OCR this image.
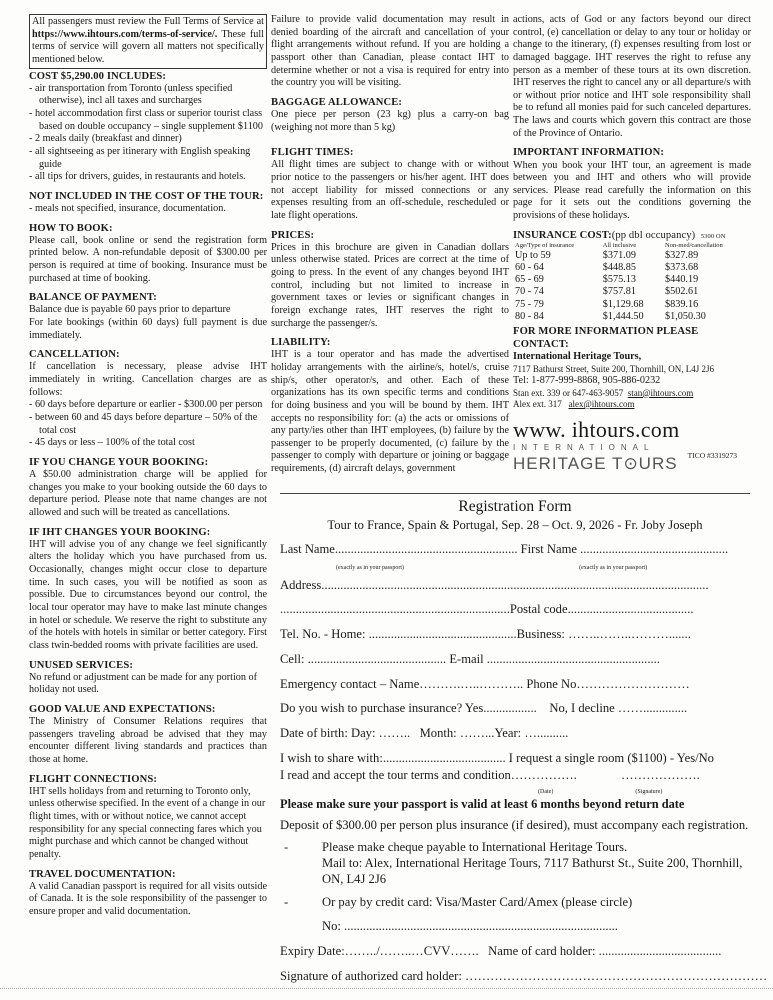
All passengers must review the Full Terms of Service at https://www.ihtours.com/terms-of-service/. These full terms of service will govern all matters not specifically mentioned below.

COST $5,290.00 INCLUDES:

- air transportation from Toronto (unless specified otherwise), incl all taxes and surcharges
- hotel accommodation first class or superior tourist class based on double occupancy – single supplement $1100
- 2 meals daily (breakfast and dinner)
- all sightseeing as per itinerary with English speaking guide
- all tips for drivers, guides, in restaurants and hotels.

NOT INCLUDED IN THE COST OF THE TOUR:

- meals not specified, insurance, documentation.

HOW TO BOOK:

Please call, book online or send the registration form printed below. A non-refundable deposit of $300.00 per person is required at time of booking. Insurance must be purchased at time of booking.

BALANCE OF PAYMENT:

Balance due is payable 60 pays prior to departure

For late bookings (within 60 days) full payment is due immediately.

CANCELLATION:

If cancellation is necessary, please advise IHT immediately in writing. Cancellation charges are as follows:

- 60 days before departure or earlier - $300.00 per person
- between 60 and 45 days before departure – 50% of the total cost
- 45 days or less – 100% of the total cost

IF YOU CHANGE YOUR BOOKING:

A $50.00 administration charge will be applied for changes you make to your booking outside the 60 days to departure period. Please note that name changes are not allowed and such will be treated as cancellations.

IF IHT CHANGES YOUR BOOKING:

IHT will advise you of any change we feel significantly alters the holiday which you have purchased from us. Occasionally, changes might occur close to departure time. In such cases, you will be notified as soon as possible. Due to circumstances beyond our control, the local tour operator may have to make last minute changes in hotel or schedule. We reserve the right to substitute any of the hotels with hotels in similar or better category. First class twin-bedded rooms with private facilities are used.

UNUSED SERVICES:

No refund or adjustment can be made for any portion of holiday not used.

GOOD VALUE AND EXPECTATIONS:

The Ministry of Consumer Relations requires that passengers traveling abroad be advised that they may encounter different living standards and practices than those at home.

FLIGHT CONNECTIONS:

IHT sells holidays from and returning to Toronto only, unless otherwise specified. In the event of a change in our flight times, with or without notice, we cannot accept responsibility for any special connecting fares which you might purchase and which cannot be changed without penalty.

TRAVEL DOCUMENTATION:

A valid Canadian passport is required for all visits outside of Canada. It is the sole responsibility of the passenger to ensure proper and valid documentation.

Failure to provide valid documentation may result in denied boarding of the aircraft and cancellation of your flight arrangements without refund. If you are holding a passport other than Canadian, please contact IHT to determine whether or not a visa is required for entry into the country you will be visiting.

BAGGAGE ALLOWANCE:

One piece per person (23 kg) plus a carry-on bag (weighing not more than 5 kg)

FLIGHT TIMES:

All flight times are subject to change with or without prior notice to the passengers or his/her agent. IHT does not accept liability for missed connections or any expenses resulting from an off-schedule, rescheduled or late flight operations.

PRICES:

Prices in this brochure are given in Canadian dollars unless otherwise stated. Prices are correct at the time of going to press. In the event of any changes beyond IHT control, including but not limited to increase in government taxes or levies or significant changes in foreign exchange rates, IHT reserves the right to surcharge the passenger/s.

LIABILITY:

IHT is a tour operator and has made the advertised holiday arrangements with the airline/s, hotel/s, cruise ship/s, other operator/s, and other. Each of these organizations has its own specific terms and conditions for doing business and you will be bound by them. IHT accepts no responsibility for: (a) the acts or omissions of any party/ies other than IHT employees, (b) failure by the passenger to be properly documented, (c) failure by the passenger to comply with departure or joining or baggage requirements, (d) aircraft delays, government

actions, acts of God or any factors beyond our direct control, (e) cancellation or delay to any tour or holiday or change to the itinerary, (f) expenses resulting from lost or damaged baggage. IHT reserves the right to refuse any person as a member of these tours at its own discretion. IHT reserves the right to cancel any or all departure/s with or without prior notice and IHT sole responsibility shall be to refund all monies paid for such canceled departures. The laws and courts which govern this contract are those of the Province of Ontario.

IMPORTANT INFORMATION:

When you book your IHT tour, an agreement is made between you and IHT and others who will provide services. Please read carefully the information on this page for it sets out the conditions governing the provisions of these holidays.

INSURANCE COST:(pp dbl occupancy) 5300 ON

Age/Type of insurance	All inclusive	Non-med/cancellation
Up to 59	$371.09	$327.89
60 - 64	$448.85	$373.68
65 - 69	$575.13	$440.19
70 - 74	$757.81	$502.61
75 - 79	$1,129.68	$839.16
80 - 84	$1,444.50	$1,050.30

FOR MORE INFORMATION PLEASE CONTACT:

International Heritage Tours,

7117 Bathurst Street, Suite 200, Thornhill, ON, L4J 2J6

Tel: 1-877-999-8868, 905-886-0232

Stan ext. 339 or 647-463-9057 stan@ihtours.com

Alex ext. 317 alex@ihtours.com

www. ihtours.com
INTERNATIONAL
HERITAGE T⊙URS	TICO #3319273
Registration Form
Tour to France, Spain & Portugal, Sep. 28 – Oct. 9, 2026 - Fr. Joby Joseph
Last Name.......................................................... First Name ...............................................
(exactly as in your passport)	(exactly as in your passport)
Address...........................................................................................................................
.........................................................................Postal code........................................
Tel. No. - Home: ...............................................Business: ……..……..……….......
Cell: ............................................ E-mail .......................................................
Emergency contact – Name……….…..……….. Phone No………………………
Do you wish to purchase insurance? Yes................. No, I decline ……..............
Date of birth: Day: …….. Month: ……...Year: …..........
I wish to share with:....................................... I request a single room ($1100) - Yes/No
I read and accept the tour terms and condition…………….	……………….
(Date)	(Signature)
Please make sure your passport is valid at least 6 months beyond return date
Deposit of $300.00 per person plus insurance (if desired), must accompany each registration.
- Please make cheque payable to International Heritage Tours.
Mail to: Alex, International Heritage Tours, 7117 Bathurst St., Suite 200, Thornhill, ON, L4J 2J6
- Or pay by credit card: Visa/Master Card/Amex (please circle)
No: .......................................................................................
Expiry Date:……../……..…CVV……. Name of card holder: .......................................
Signature of authorized card holder: ………………………………………………………………
